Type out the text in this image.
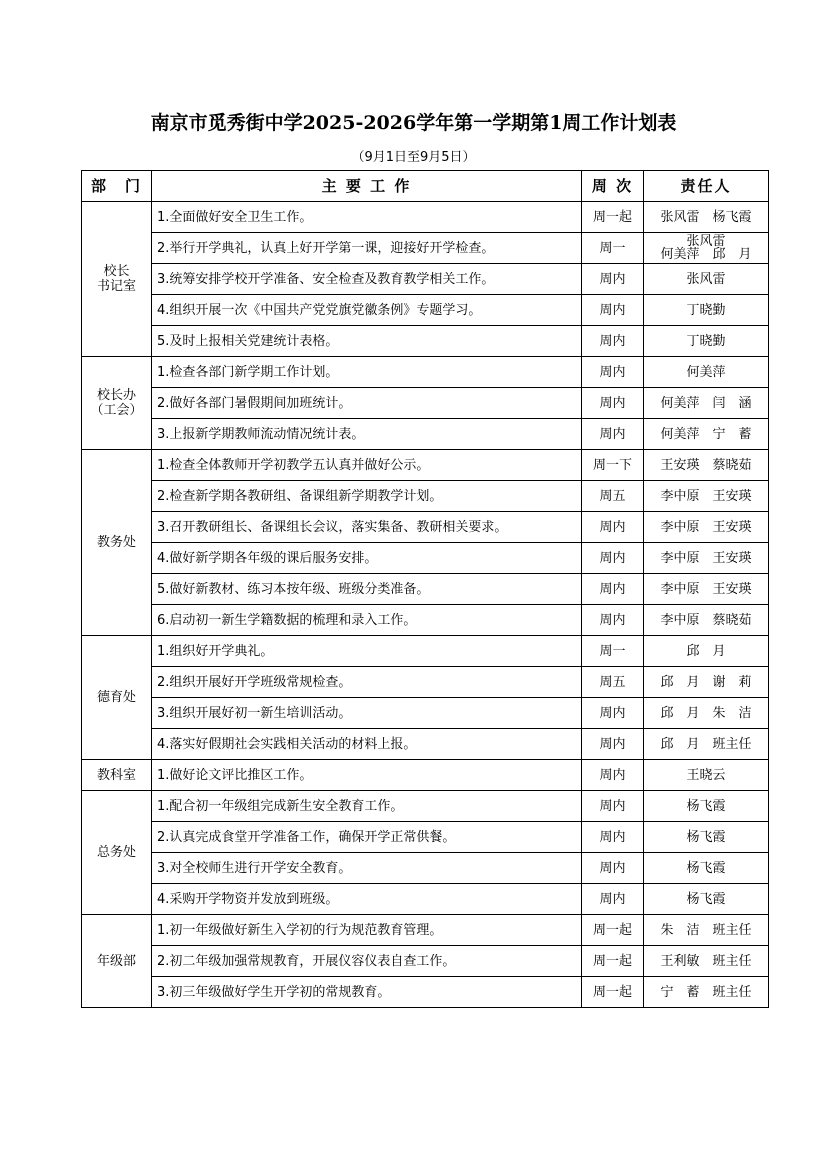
南京市觅秀街中学2025-2026学年第一学期第1周工作计划表
（9月1日至9月5日）
部　门	主 要 工 作	周 次	责任人

校长
书记室	1.全面做好安全卫生工作。	周一起	张风雷　杨飞霞

	2.举行开学典礼，认真上好开学第一课，迎接好开学检查。	周一	张风雷
何美萍　邱　月

	3.统筹安排学校开学准备、安全检查及教育教学相关工作。	周内	张风雷

	4.组织开展一次《中国共产党党旗党徽条例》专题学习。	周内	丁晓勤

	5.及时上报相关党建统计表格。	周内	丁晓勤

校长办
（工会）	1.检查各部门新学期工作计划。	周内	何美萍

	2.做好各部门暑假期间加班统计。	周内	何美萍　闫　涵

	3.上报新学期教师流动情况统计表。	周内	何美萍　宁　蓄

教务处	1.检查全体教师开学初教学五认真并做好公示。	周一下	王安瑛　蔡晓茹

	2.检查新学期各教研组、备课组新学期教学计划。	周五	李中原　王安瑛

	3.召开教研组长、备课组长会议，落实集备、教研相关要求。	周内	李中原　王安瑛

	4.做好新学期各年级的课后服务安排。	周内	李中原　王安瑛

	5.做好新教材、练习本按年级、班级分类准备。	周内	李中原　王安瑛

	6.启动初一新生学籍数据的梳理和录入工作。	周内	李中原　蔡晓茹

德育处	1.组织好开学典礼。	周一	邱　月

	2.组织开展好开学班级常规检查。	周五	邱　月　谢　莉

	3.组织开展好初一新生培训活动。	周内	邱　月　朱　洁

	4.落实好假期社会实践相关活动的材料上报。	周内	邱　月　班主任

教科室	1.做好论文评比推区工作。	周内	王晓云

总务处	1.配合初一年级组完成新生安全教育工作。	周内	杨飞霞

	2.认真完成食堂开学准备工作，确保开学正常供餐。	周内	杨飞霞

	3.对全校师生进行开学安全教育。	周内	杨飞霞

	4.采购开学物资并发放到班级。	周内	杨飞霞

年级部	1.初一年级做好新生入学初的行为规范教育管理。	周一起	朱　洁　班主任

	2.初二年级加强常规教育，开展仪容仪表自查工作。	周一起	王利敏　班主任

	3.初三年级做好学生开学初的常规教育。	周一起	宁　蓄　班主任
